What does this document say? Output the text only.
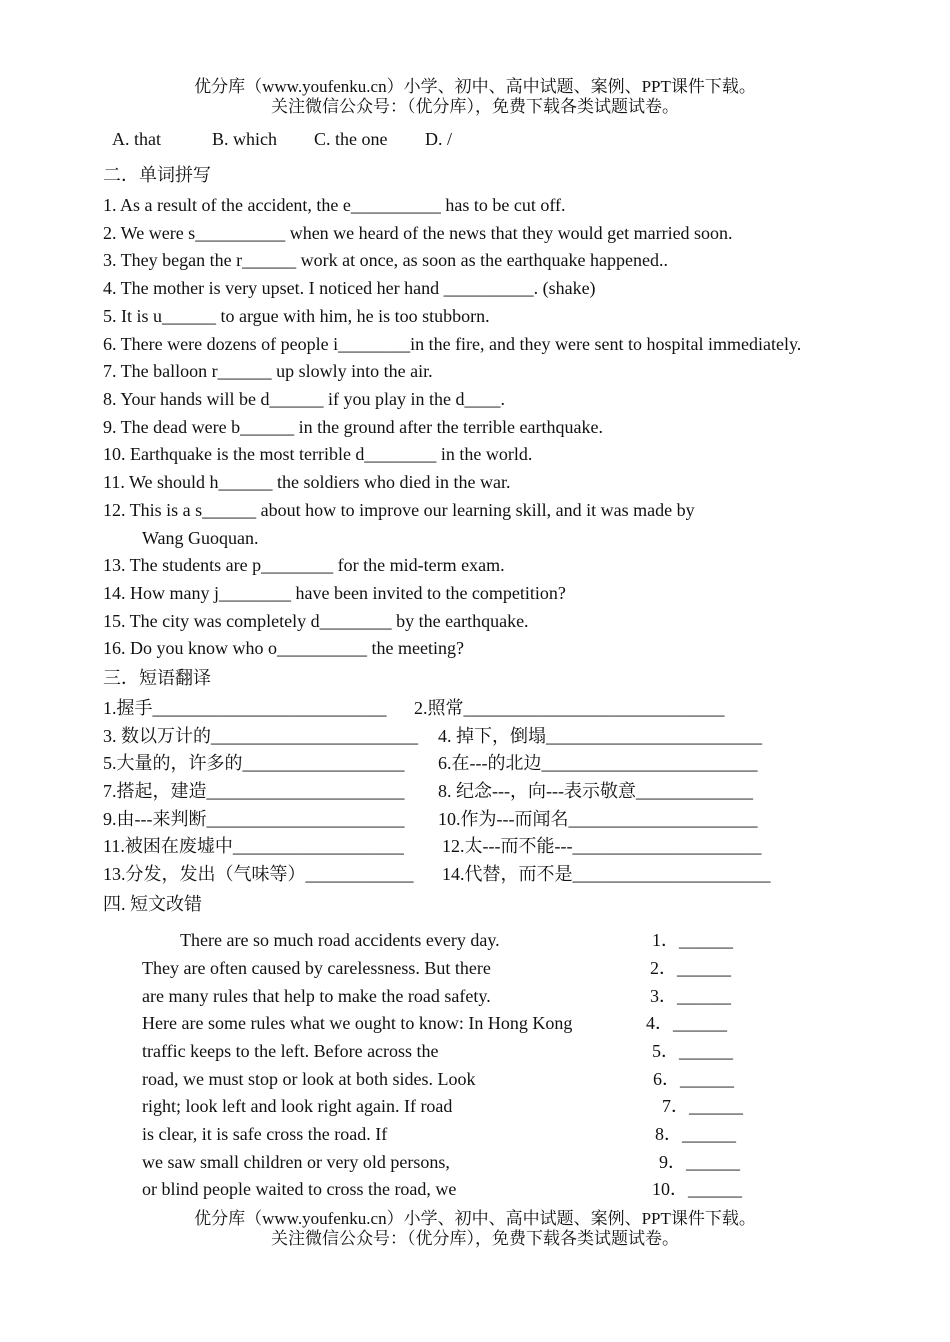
优分库（www.youfenku.cn）小学、初中、高中试题、案例、PPT课件下载。
关注微信公众号：（优分库），免费下载各类试题试卷。
A. that	B. which C. the one D. /
二．单词拼写
1. As a result of the accident, the e__________ has to be cut off.
2. We were s__________ when we heard of the news that they would get married soon.
3. They began the r______ work at once, as soon as the earthquake happened..
4. The mother is very upset. I noticed her hand __________. (shake)
5. It is u______ to argue with him, he is too stubborn.
6. There were dozens of people i________in the fire, and they were sent to hospital immediately.
7. The balloon r______ up slowly into the air.
8. Your hands will be d______ if you play in the d____.
9. The dead were b______ in the ground after the terrible earthquake.
10. Earthquake is the most terrible d________ in the world.
11. We should h______ the soldiers who died in the war.
12. This is a s______ about how to improve our learning skill, and it was made by
Wang Guoquan.
13. The students are p________ for the mid-term exam.
14. How many j________ have been invited to the competition?
15. The city was completely d________ by the earthquake.
16. Do you know who o__________ the meeting?
三．短语翻译
1.握手__________________________ 2.照常_____________________________
3. 数以万计的_______________________ 4. 掉下，倒塌________________________
5.大量的，许多的__________________ 6.在---的北边________________________
7.搭起，建造______________________ 8. 纪念---，向---表示敬意_____________
9.由---来判断______________________ 10.作为---而闻名_____________________
11.被困在废墟中___________________ 12.太---而不能---_____________________
13.分发，发出（气味等）____________ 14.代替，而不是______________________
四. 短文改错
There are so much road accidents every day.
They are often caused by carelessness. But there
are many rules that help to make the road safety.
Here are some rules what we ought to know: In Hong Kong
traffic keeps to the left. Before across the
road, we must stop or look at both sides. Look
right; look left and look right again. If road
is clear, it is safe cross the road. If
we saw small children or very old persons,
or blind people waited to cross the road, we
1．______
2．______
3．______
4．______
5．______
6．______
7．______
8．______
9．______
10．______
优分库（www.youfenku.cn）小学、初中、高中试题、案例、PPT课件下载。
关注微信公众号：（优分库），免费下载各类试题试卷。
